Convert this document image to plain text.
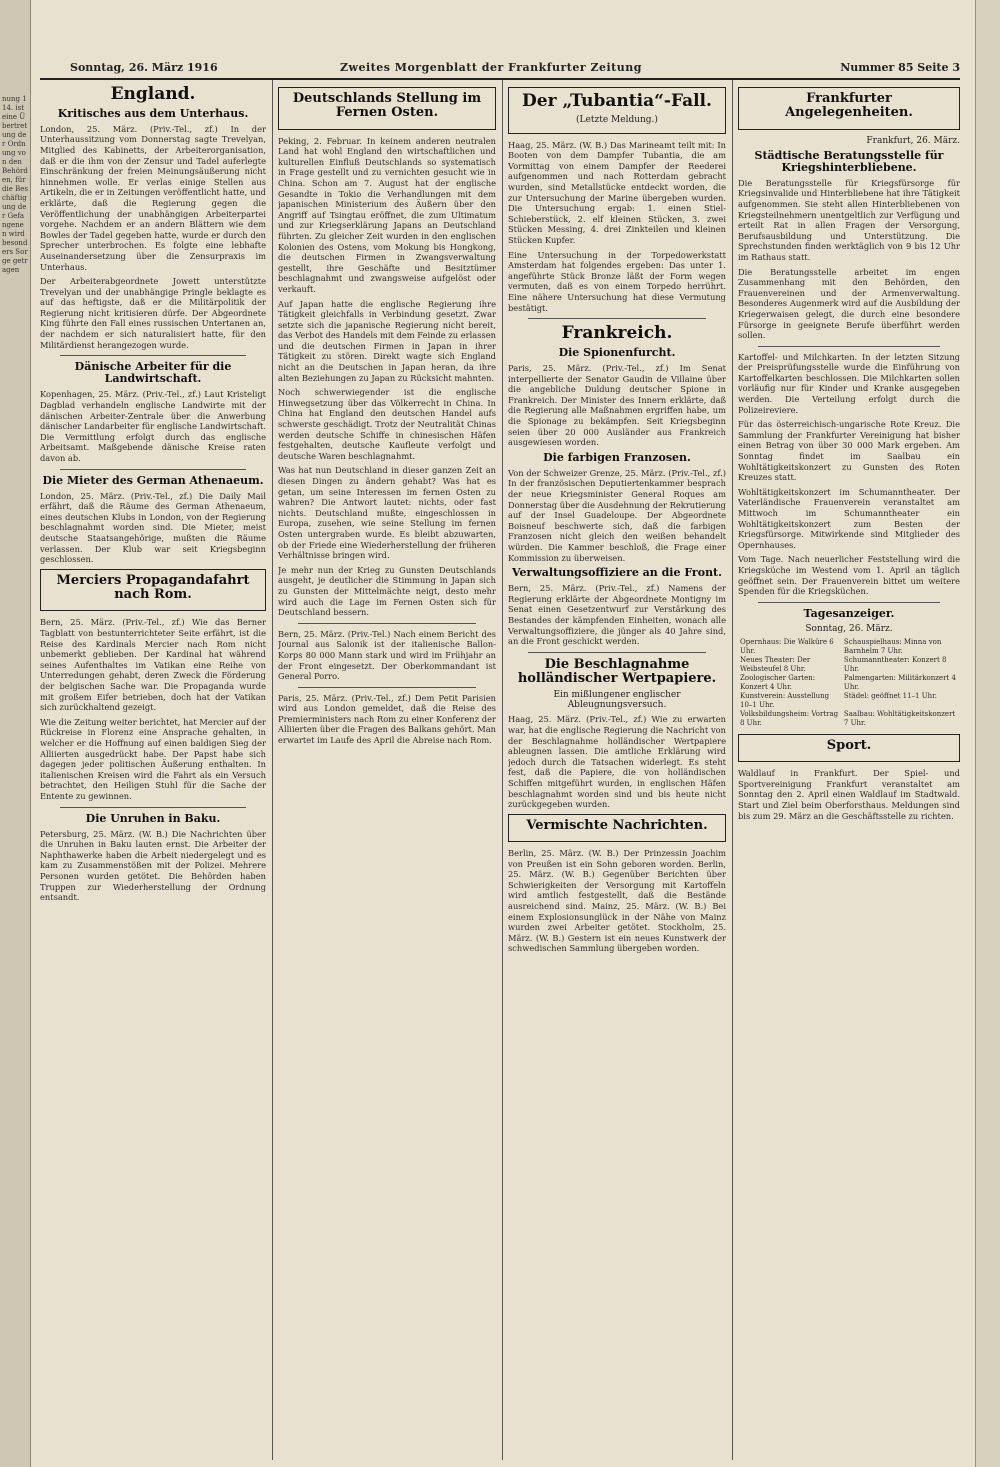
nung 114. ist eine Übertretung der Ordnung von den Behörden, für die Beschäftigung der Gefangenen wird besonders Sorge getragen
Sonntag, 26. März 1916	Zweites Morgenblatt der Frankfurter Zeitung	Nummer 85 Seite 3
England.
Kritisches aus dem Unterhaus.

London, 25. März. (Priv.-Tel., zf.) In der Unterhaussitzung vom Donnerstag sagte Trevelyan, Mitglied des Kabinetts, der Arbeiterorganisation, daß er die ihm von der Zensur und Tadel auferlegte Einschränkung der freien Meinungsäußerung nicht hinnehmen wolle. Er verlas einige Stellen aus Artikeln, die er in Zeitungen veröffentlicht hatte, und erklärte, daß die Regierung gegen die Veröffentlichung der unabhängigen Arbeiterpartei vorgehe. Nachdem er an andern Blättern wie dem Bowles der Tadel gegeben hatte, wurde er durch den Sprecher unterbrochen. Es folgte eine lebhafte Auseinandersetzung über die Zensurpraxis im Unterhaus.

Der Arbeiterabgeordnete Jowett unterstützte Trevelyan und der unabhängige Pringle beklagte es auf das heftigste, daß er die Militärpolitik der Regierung nicht kritisieren dürfe. Der Abgeordnete King führte den Fall eines russischen Untertanen an, der nachdem er sich naturalisiert hatte, für den Militärdienst herangezogen wurde.

Dänische Arbeiter für die Landwirtschaft.

Kopenhagen, 25. März. (Priv.-Tel., zf.) Laut Kristeligt Dagblad verhandeln englische Landwirte mit der dänischen Arbeiter-Zentrale über die Anwerbung dänischer Landarbeiter für englische Landwirtschaft. Die Vermittlung erfolgt durch das englische Arbeitsamt. Maßgebende dänische Kreise raten davon ab.

Die Mieter des German Athenaeum.

London, 25. März. (Priv.-Tel., zf.) Die Daily Mail erfährt, daß die Räume des German Athenaeum, eines deutschen Klubs in London, von der Regierung beschlagnahmt worden sind. Die Mieter, meist deutsche Staatsangehörige, mußten die Räume verlassen. Der Klub war seit Kriegsbeginn geschlossen.

Merciers Propagandafahrt nach Rom.

Bern, 25. März. (Priv.-Tel., zf.) Wie das Berner Tagblatt von bestunterrichteter Seite erfährt, ist die Reise des Kardinals Mercier nach Rom nicht unbemerkt geblieben. Der Kardinal hat während seines Aufenthaltes im Vatikan eine Reihe von Unterredungen gehabt, deren Zweck die Förderung der belgischen Sache war. Die Propaganda wurde mit großem Eifer betrieben, doch hat der Vatikan sich zurückhaltend gezeigt.

Wie die Zeitung weiter berichtet, hat Mercier auf der Rückreise in Florenz eine Ansprache gehalten, in welcher er die Hoffnung auf einen baldigen Sieg der Alliierten ausgedrückt habe. Der Papst habe sich dagegen jeder politischen Äußerung enthalten. In italienischen Kreisen wird die Fahrt als ein Versuch betrachtet, den Heiligen Stuhl für die Sache der Entente zu gewinnen.

Die Unruhen in Baku.

Petersburg, 25. März. (W. B.) Die Nachrichten über die Unruhen in Baku lauten ernst. Die Arbeiter der Naphthawerke haben die Arbeit niedergelegt und es kam zu Zusammenstößen mit der Polizei. Mehrere Personen wurden getötet. Die Behörden haben Truppen zur Wiederherstellung der Ordnung entsandt.

Deutschlands Stellung im Fernen Osten.

Peking, 2. Februar. In keinem anderen neutralen Land hat wohl England den wirtschaftlichen und kulturellen Einfluß Deutschlands so systematisch in Frage gestellt und zu vernichten gesucht wie in China. Schon am 7. August hat der englische Gesandte in Tokio die Verhandlungen mit dem japanischen Ministerium des Äußern über den Angriff auf Tsingtau eröffnet, die zum Ultimatum und zur Kriegserklärung Japans an Deutschland führten. Zu gleicher Zeit wurden in den englischen Kolonien des Ostens, vom Mokung bis Hongkong, die deutschen Firmen in Zwangsverwaltung gestellt, ihre Geschäfte und Besitztümer beschlagnahmt und zwangsweise aufgelöst oder verkauft.

Auf Japan hatte die englische Regierung ihre Tätigkeit gleichfalls in Verbindung gesetzt. Zwar setzte sich die japanische Regierung nicht bereit, das Verbot des Handels mit dem Feinde zu erlassen und die deutschen Firmen in Japan in ihrer Tätigkeit zu stören. Direkt wagte sich England nicht an die Deutschen in Japan heran, da ihre alten Beziehungen zu Japan zu Rücksicht mahnten.

Noch schwerwiegender ist die englische Hinwegsetzung über das Völkerrecht in China. In China hat England den deutschen Handel aufs schwerste geschädigt. Trotz der Neutralität Chinas werden deutsche Schiffe in chinesischen Häfen festgehalten, deutsche Kaufleute verfolgt und deutsche Waren beschlagnahmt.

Was hat nun Deutschland in dieser ganzen Zeit an diesen Dingen zu ändern gehabt? Was hat es getan, um seine Interessen im fernen Osten zu wahren? Die Antwort lautet: nichts, oder fast nichts. Deutschland mußte, eingeschlossen in Europa, zusehen, wie seine Stellung im fernen Osten untergraben wurde. Es bleibt abzuwarten, ob der Friede eine Wiederherstellung der früheren Verhältnisse bringen wird.

Je mehr nun der Krieg zu Gunsten Deutschlands ausgeht, je deutlicher die Stimmung in Japan sich zu Gunsten der Mittelmächte neigt, desto mehr wird auch die Lage im Fernen Osten sich für Deutschland bessern.

Bern, 25. März. (Priv.-Tel.) Nach einem Bericht des Journal aus Salonik ist der italienische Ballon-Korps 80 000 Mann stark und wird im Frühjahr an der Front eingesetzt. Der Oberkommandant ist General Porro.

Paris, 25. März. (Priv.-Tel., zf.) Dem Petit Parisien wird aus London gemeldet, daß die Reise des Premierministers nach Rom zu einer Konferenz der Alliierten über die Fragen des Balkans gehört. Man erwartet im Laufe des April die Abreise nach Rom.

Der „Tubantia“-Fall.
(Letzte Meldung.)

Haag, 25. März. (W. B.) Das Marineamt teilt mit: In Booten von dem Dampfer Tubantia, die am Vormittag von einem Dampfer der Reederei aufgenommen und nach Rotterdam gebracht wurden, sind Metallstücke entdeckt worden, die zur Untersuchung der Marine übergeben wurden. Die Untersuchung ergab: 1. einen Stiel-Schieberstück, 2. elf kleinen Stücken, 3. zwei Stücken Messing, 4. drei Zinkteilen und kleinen Stücken Kupfer.

Eine Untersuchung in der Torpedowerkstatt Amsterdam hat folgendes ergeben: Das unter 1. angeführte Stück Bronze läßt der Form wegen vermuten, daß es von einem Torpedo herrührt. Eine nähere Untersuchung hat diese Vermutung bestätigt.

Frankreich.
Die Spionenfurcht.

Paris, 25. März. (Priv.-Tel., zf.) Im Senat interpellierte der Senator Gaudin de Villaine über die angebliche Duldung deutscher Spione in Frankreich. Der Minister des Innern erklärte, daß die Regierung alle Maßnahmen ergriffen habe, um die Spionage zu bekämpfen. Seit Kriegsbeginn seien über 20 000 Ausländer aus Frankreich ausgewiesen worden.

Die farbigen Franzosen.

Von der Schweizer Grenze, 25. März. (Priv.-Tel., zf.) In der französischen Deputiertenkammer besprach der neue Kriegsminister General Roques am Donnerstag über die Ausdehnung der Rekrutierung auf der Insel Guadeloupe. Der Abgeordnete Boisneuf beschwerte sich, daß die farbigen Franzosen nicht gleich den weißen behandelt würden. Die Kammer beschloß, die Frage einer Kommission zu überweisen.

Verwaltungsoffiziere an die Front.

Bern, 25. März. (Priv.-Tel., zf.) Namens der Regierung erklärte der Abgeordnete Montigny im Senat einen Gesetzentwurf zur Verstärkung des Bestandes der kämpfenden Einheiten, wonach alle Verwaltungsoffiziere, die jünger als 40 Jahre sind, an die Front geschickt werden.

Die Beschlagnahme holländischer Wertpapiere.
Ein mißlungener englischer Ableugnungsversuch.

Haag, 25. März. (Priv.-Tel., zf.) Wie zu erwarten war, hat die englische Regierung die Nachricht von der Beschlagnahme holländischer Wertpapiere ableugnen lassen. Die amtliche Erklärung wird jedoch durch die Tatsachen widerlegt. Es steht fest, daß die Papiere, die von holländischen Schiffen mitgeführt wurden, in englischen Häfen beschlagnahmt worden sind und bis heute nicht zurückgegeben wurden.

Vermischte Nachrichten.

Berlin, 25. März. (W. B.) Der Prinzessin Joachim von Preußen ist ein Sohn geboren worden. Berlin, 25. März. (W. B.) Gegenüber Berichten über Schwierigkeiten der Versorgung mit Kartoffeln wird amtlich festgestellt, daß die Bestände ausreichend sind. Mainz, 25. März. (W. B.) Bei einem Explosionsunglück in der Nähe von Mainz wurden zwei Arbeiter getötet. Stockholm, 25. März. (W. B.) Gestern ist ein neues Kunstwerk der schwedischen Sammlung übergeben worden.

Frankfurter Angelegenheiten.
Frankfurt, 26. März.
Städtische Beratungsstelle für Kriegshinterbliebene.

Die Beratungsstelle für Kriegsfürsorge für Kriegsinvalide und Hinterbliebene hat ihre Tätigkeit aufgenommen. Sie steht allen Hinterbliebenen von Kriegsteilnehmern unentgeltlich zur Verfügung und erteilt Rat in allen Fragen der Versorgung, Berufsausbildung und Unterstützung. Die Sprechstunden finden werktäglich von 9 bis 12 Uhr im Rathaus statt.

Die Beratungsstelle arbeitet im engen Zusammenhang mit den Behörden, den Frauenvereinen und der Armenverwaltung. Besonderes Augenmerk wird auf die Ausbildung der Kriegerwaisen gelegt, die durch eine besondere Fürsorge in geeignete Berufe überführt werden sollen.

Kartoffel- und Milchkarten. In der letzten Sitzung der Preisprüfungsstelle wurde die Einführung von Kartoffelkarten beschlossen. Die Milchkarten sollen vorläufig nur für Kinder und Kranke ausgegeben werden. Die Verteilung erfolgt durch die Polizeireviere.

Für das österreichisch-ungarische Rote Kreuz. Die Sammlung der Frankfurter Vereinigung hat bisher einen Betrag von über 30 000 Mark ergeben. Am Sonntag findet im Saalbau ein Wohltätigkeitskonzert zu Gunsten des Roten Kreuzes statt.

Wohltätigkeitskonzert im Schumanntheater. Der Vaterländische Frauenverein veranstaltet am Mittwoch im Schumanntheater ein Wohltätigkeitskonzert zum Besten der Kriegsfürsorge. Mitwirkende sind Mitglieder des Opernhauses.

Vom Tage. Nach neuerlicher Feststellung wird die Kriegsküche im Westend vom 1. April an täglich geöffnet sein. Der Frauenverein bittet um weitere Spenden für die Kriegsküchen.

Tagesanzeiger.
Sonntag, 26. März.
Opernhaus: Die Walküre 6 Uhr.	Schauspielhaus: Minna von Barnhelm 7 Uhr.
Neues Theater: Der Weibsteufel 8 Uhr.	Schumanntheater: Konzert 8 Uhr.
Zoologischer Garten: Konzert 4 Uhr.	Palmengarten: Militärkonzert 4 Uhr.
Kunstverein: Ausstellung 10–1 Uhr.	Städel: geöffnet 11–1 Uhr.
Volksbildungsheim: Vortrag 8 Uhr.	Saalbau: Wohltätigkeitskonzert 7 Uhr.
Sport.

Waldlauf in Frankfurt. Der Spiel- und Sportvereinigung Frankfurt veranstaltet am Sonntag den 2. April einen Waldlauf im Stadtwald. Start und Ziel beim Oberforsthaus. Meldungen sind bis zum 29. März an die Geschäftsstelle zu richten.
